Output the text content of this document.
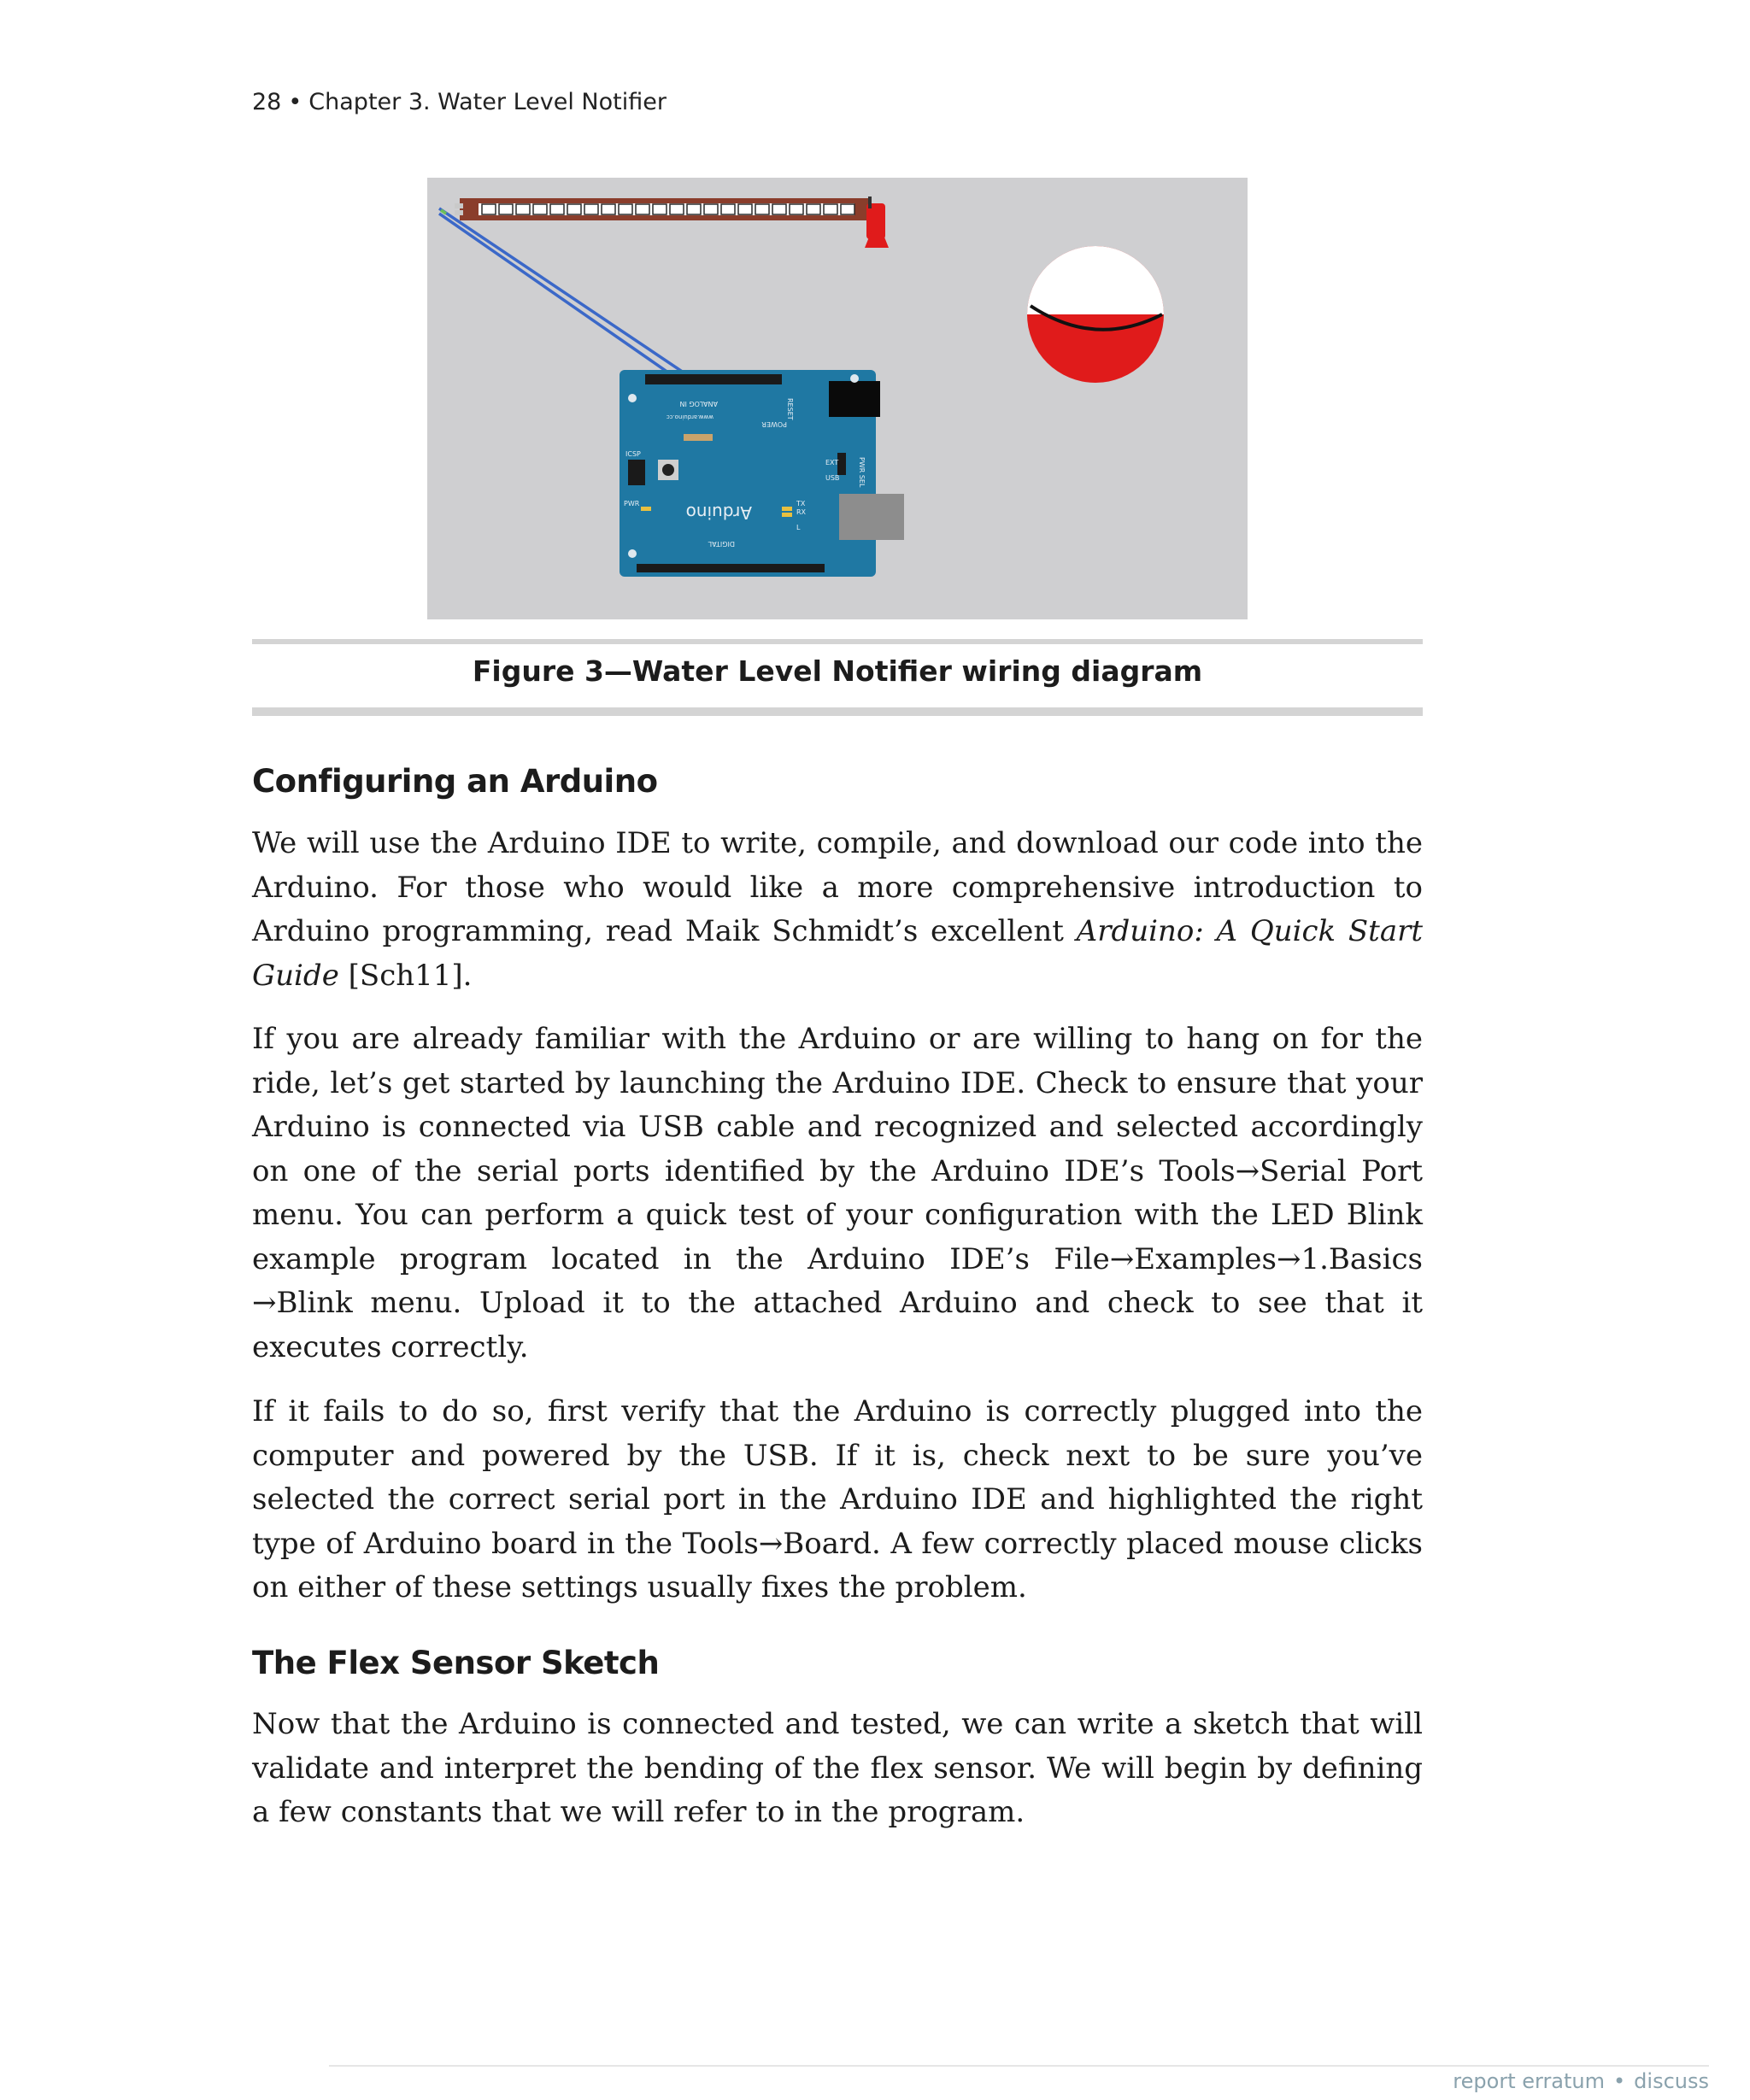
28 • Chapter 3. Water Level Notifier
Arduino
POWER
ANALOG IN
DIGITAL
ICSP
RESET
PWR
PWR SEL
USB
EXT
www.arduino.cc
TX
RX
L
Figure 3—Water Level Notifier wiring diagram
Configuring an Arduino

We will use the Arduino IDE to write, compile, and download our code into the Arduino. For those who would like a more comprehensive introduction to Arduino programming, read Maik Schmidt’s excellent Arduino: A Quick Start Guide [Sch11].

If you are already familiar with the Arduino or are willing to hang on for the ride, let’s get started by launching the Arduino IDE. Check to ensure that your Arduino is connected via USB cable and recognized and selected accordingly on one of the serial ports identified by the Arduino IDE’s Tools→Serial Port menu. You can perform a quick test of your configuration with the LED Blink example program located in the Arduino IDE’s File→Examples→1.Basics →Blink menu. Upload it to the attached Arduino and check to see that it executes correctly.

If it fails to do so, first verify that the Arduino is correctly plugged into the computer and powered by the USB. If it is, check next to be sure you’ve selected the correct serial port in the Arduino IDE and highlighted the right type of Arduino board in the Tools→Board. A few correctly placed mouse clicks on either of these settings usually fixes the problem.

The Flex Sensor Sketch

Now that the Arduino is connected and tested, we can write a sketch that will validate and interpret the bending of the flex sensor. We will begin by defining a few constants that we will refer to in the program.

report erratum • discuss
